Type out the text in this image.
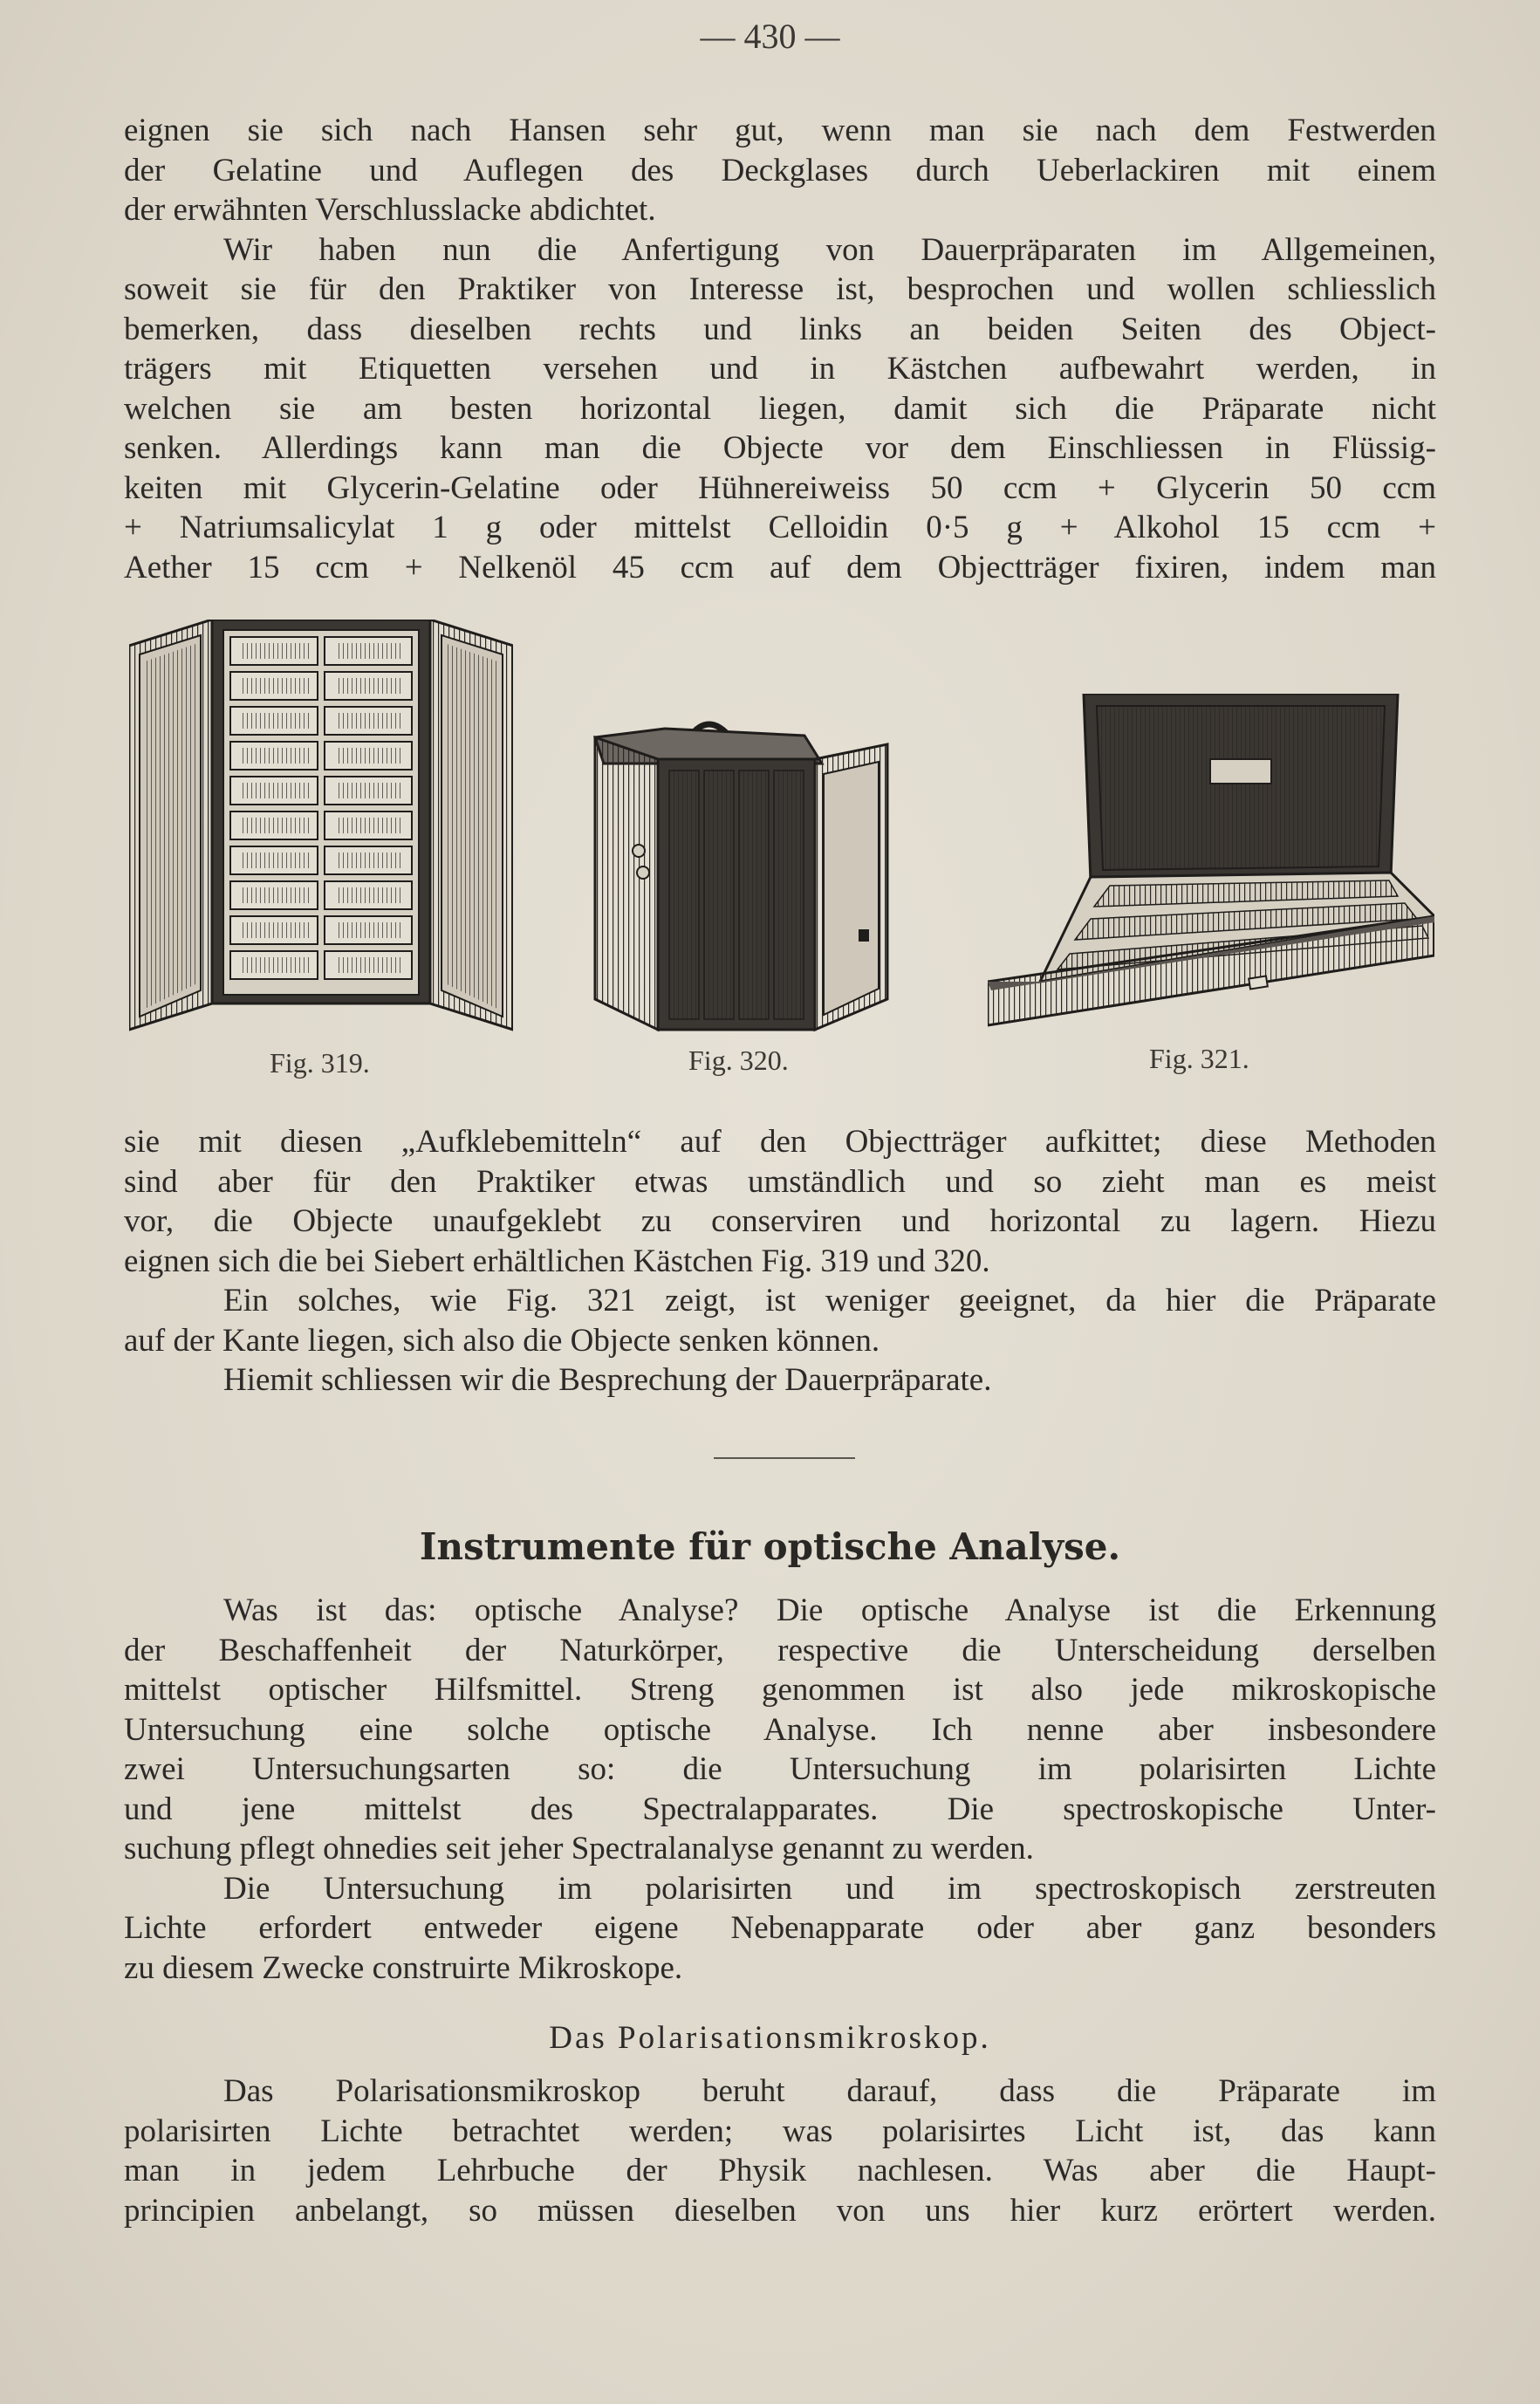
— 430 —
eignen sie sich nach Hansen sehr gut, wenn man sie nach dem Festwerden
der Gelatine und Auflegen des Deckglases durch Ueberlackiren mit einem
der erwähnten Verschlusslacke abdichtet.
Wir haben nun die Anfertigung von Dauerpräparaten im Allgemeinen,
soweit sie für den Praktiker von Interesse ist, besprochen und wollen schliesslich
bemerken, dass dieselben rechts und links an beiden Seiten des Object-
trägers mit Etiquetten versehen und in Kästchen aufbewahrt werden, in
welchen sie am besten horizontal liegen, damit sich die Präparate nicht
senken. Allerdings kann man die Objecte vor dem Einschliessen in Flüssig-
keiten mit Glycerin-Gelatine oder Hühnereiweiss 50 ccm + Glycerin 50 ccm
+ Natriumsalicylat 1 g oder mittelst Celloidin 0·5 g + Alkohol 15 ccm +
Aether 15 ccm + Nelkenöl 45 ccm auf dem Objectträger fixiren, indem man
Fig. 319.	Fig. 320.	Fig. 321.
sie mit diesen „Aufklebemitteln“ auf den Objectträger aufkittet; diese Methoden
sind aber für den Praktiker etwas umständlich und so zieht man es meist
vor, die Objecte unaufgeklebt zu conserviren und horizontal zu lagern. Hiezu
eignen sich die bei Siebert erhältlichen Kästchen Fig. 319 und 320.
Ein solches, wie Fig. 321 zeigt, ist weniger geeignet, da hier die Präparate
auf der Kante liegen, sich also die Objecte senken können.
Hiemit schliessen wir die Besprechung der Dauerpräparate.
Instrumente für optische Analyse.
Was ist das: optische Analyse? Die optische Analyse ist die Erkennung
der Beschaffenheit der Naturkörper, respective die Unterscheidung derselben
mittelst optischer Hilfsmittel. Streng genommen ist also jede mikroskopische
Untersuchung eine solche optische Analyse. Ich nenne aber insbesondere
zwei Untersuchungsarten so: die Untersuchung im polarisirten Lichte
und jene mittelst des Spectralapparates. Die spectroskopische Unter-
suchung pflegt ohnedies seit jeher Spectralanalyse genannt zu werden.
Die Untersuchung im polarisirten und im spectroskopisch zerstreuten
Lichte erfordert entweder eigene Nebenapparate oder aber ganz besonders
zu diesem Zwecke construirte Mikroskope.
Das Polarisationsmikroskop.
Das Polarisationsmikroskop beruht darauf, dass die Präparate im
polarisirten Lichte betrachtet werden; was polarisirtes Licht ist, das kann
man in jedem Lehrbuche der Physik nachlesen. Was aber die Haupt-
principien anbelangt, so müssen dieselben von uns hier kurz erörtert werden.
